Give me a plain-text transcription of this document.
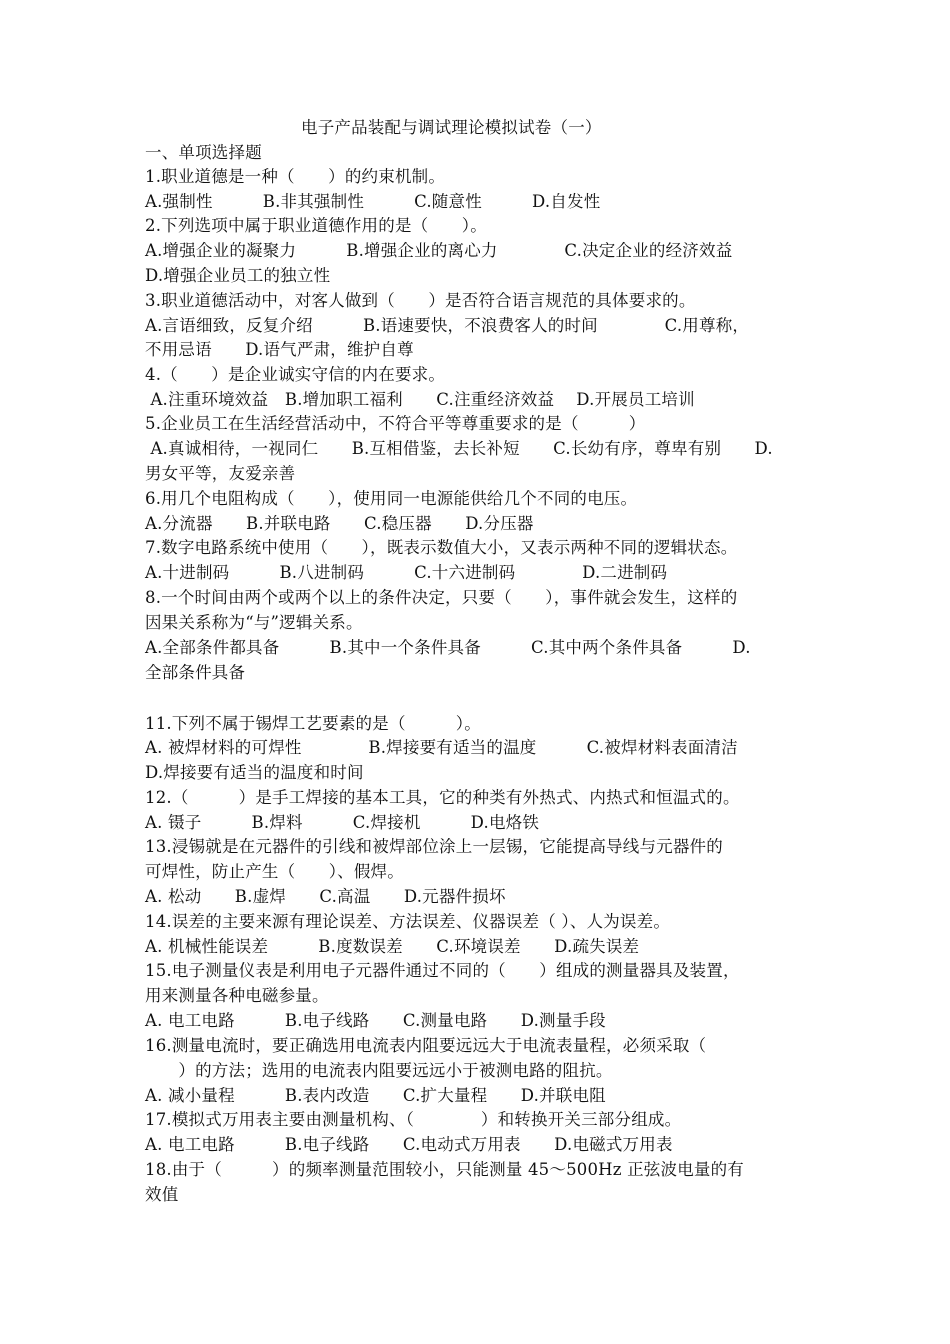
电子产品装配与调试理论模拟试卷（一）
一、单项选择题
1.职业道德是一种（　　）的约束机制。
A.强制性　　　B.非其强制性　　　C.随意性　　　D.自发性
2.下列选项中属于职业道德作用的是（　　）。
A.增强企业的凝聚力　　　B.增强企业的离心力　　　　C.决定企业的经济效益
D.增强企业员工的独立性
3.职业道德活动中，对客人做到（　　）是否符合语言规范的具体要求的。
A.言语细致，反复介绍　　　B.语速要快，不浪费客人的时间　　　　C.用尊称，
不用忌语　　D.语气严肃，维护自尊
4.（　　）是企业诚实守信的内在要求。
A.注重环境效益　B.增加职工福利　　C.注重经济效益　 D.开展员工培训
5.企业员工在生活经营活动中，不符合平等尊重要求的是（　　　）
A.真诚相待，一视同仁　　B.互相借鉴，去长补短　　C.长幼有序，尊卑有别　　D.
男女平等，友爱亲善
6.用几个电阻构成（　　），使用同一电源能供给几个不同的电压。
A.分流器　　B.并联电路　　C.稳压器　　D.分压器
7.数字电路系统中使用（　　），既表示数值大小，又表示两种不同的逻辑状态。
A.十进制码　　　B.八进制码　　　C.十六进制码　　　　D.二进制码
8.一个时间由两个或两个以上的条件决定，只要（　　），事件就会发生，这样的
因果关系称为“与”逻辑关系。
A.全部条件都具备　　　B.其中一个条件具备　　　C.其中两个条件具备　　　D.
全部条件具备
11.下列不属于锡焊工艺要素的是（　　　）。
A. 被焊材料的可焊性　　　　B.焊接要有适当的温度　　　C.被焊材料表面清洁
D.焊接要有适当的温度和时间
12.（　　　）是手工焊接的基本工具，它的种类有外热式、内热式和恒温式的。
A. 镊子　　　B.焊料　　　C.焊接机　　　D.电烙铁
13.浸锡就是在元器件的引线和被焊部位涂上一层锡，它能提高导线与元器件的
可焊性，防止产生（　　）、假焊。
A. 松动　　B.虚焊　　C.高温　　D.元器件损坏
14.误差的主要来源有理论误差、方法误差、仪器误差（ ）、人为误差。
A. 机械性能误差　　　B.度数误差　　C.环境误差　　D.疏失误差
15.电子测量仪表是利用电子元器件通过不同的（　　）组成的测量器具及装置，
用来测量各种电磁参量。
A. 电工电路　　　B.电子线路　　C.测量电路　　D.测量手段
16.测量电流时，要正确选用电流表内阻要远远大于电流表量程，必须采取（
　　）的方法；选用的电流表内阻要远远小于被测电路的阻抗。
A. 减小量程　　　B.表内改造　　C.扩大量程　　D.并联电阻
17.模拟式万用表主要由测量机构、（　　　　）和转换开关三部分组成。
A. 电工电路　　　B.电子线路　　C.电动式万用表　　D.电磁式万用表
18.由于（　　　）的频率测量范围较小，只能测量 45～500Hz 正弦波电量的有
效值
